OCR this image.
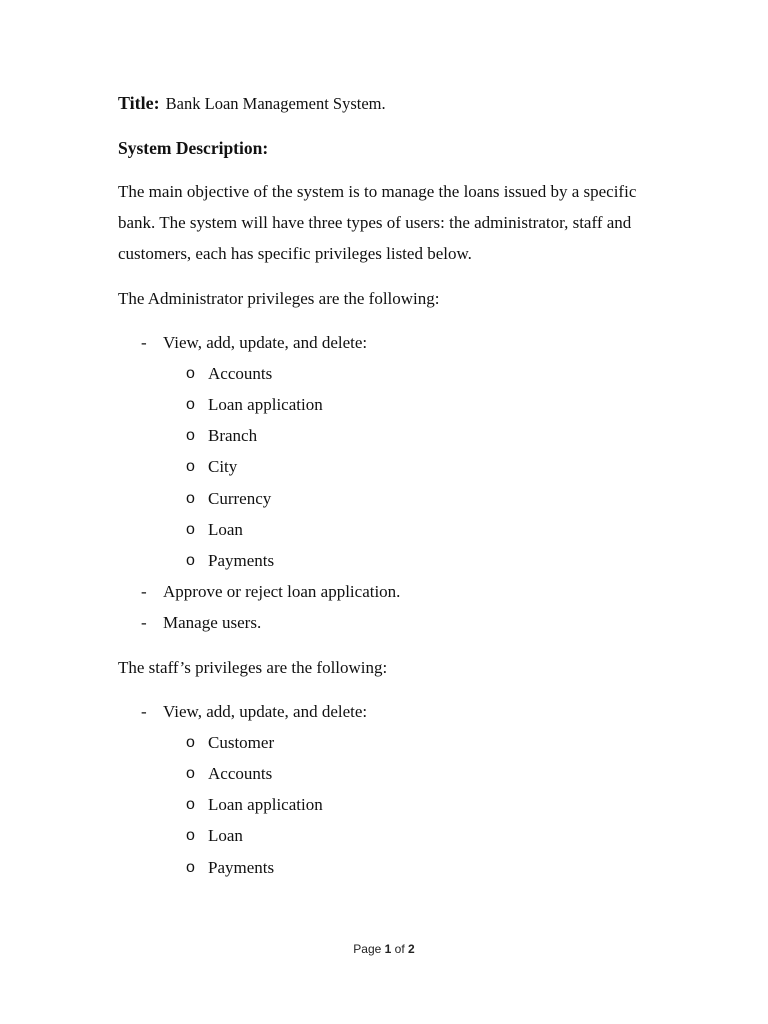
Title: Bank Loan Management System.
System Description:
The main objective of the system is to manage the loans issued by a specific
bank. The system will have three types of users: the administrator, staff and
customers, each has specific privileges listed below.
The Administrator privileges are the following:
- View, add, update, and delete:
o Accounts
o Loan application
o Branch
o City
o Currency
o Loan
o Payments
- Approve or reject loan application.
- Manage users.
The staff’s privileges are the following:
- View, add, update, and delete:
o Customer
o Accounts
o Loan application
o Loan
o Payments
Page 1 of 2
